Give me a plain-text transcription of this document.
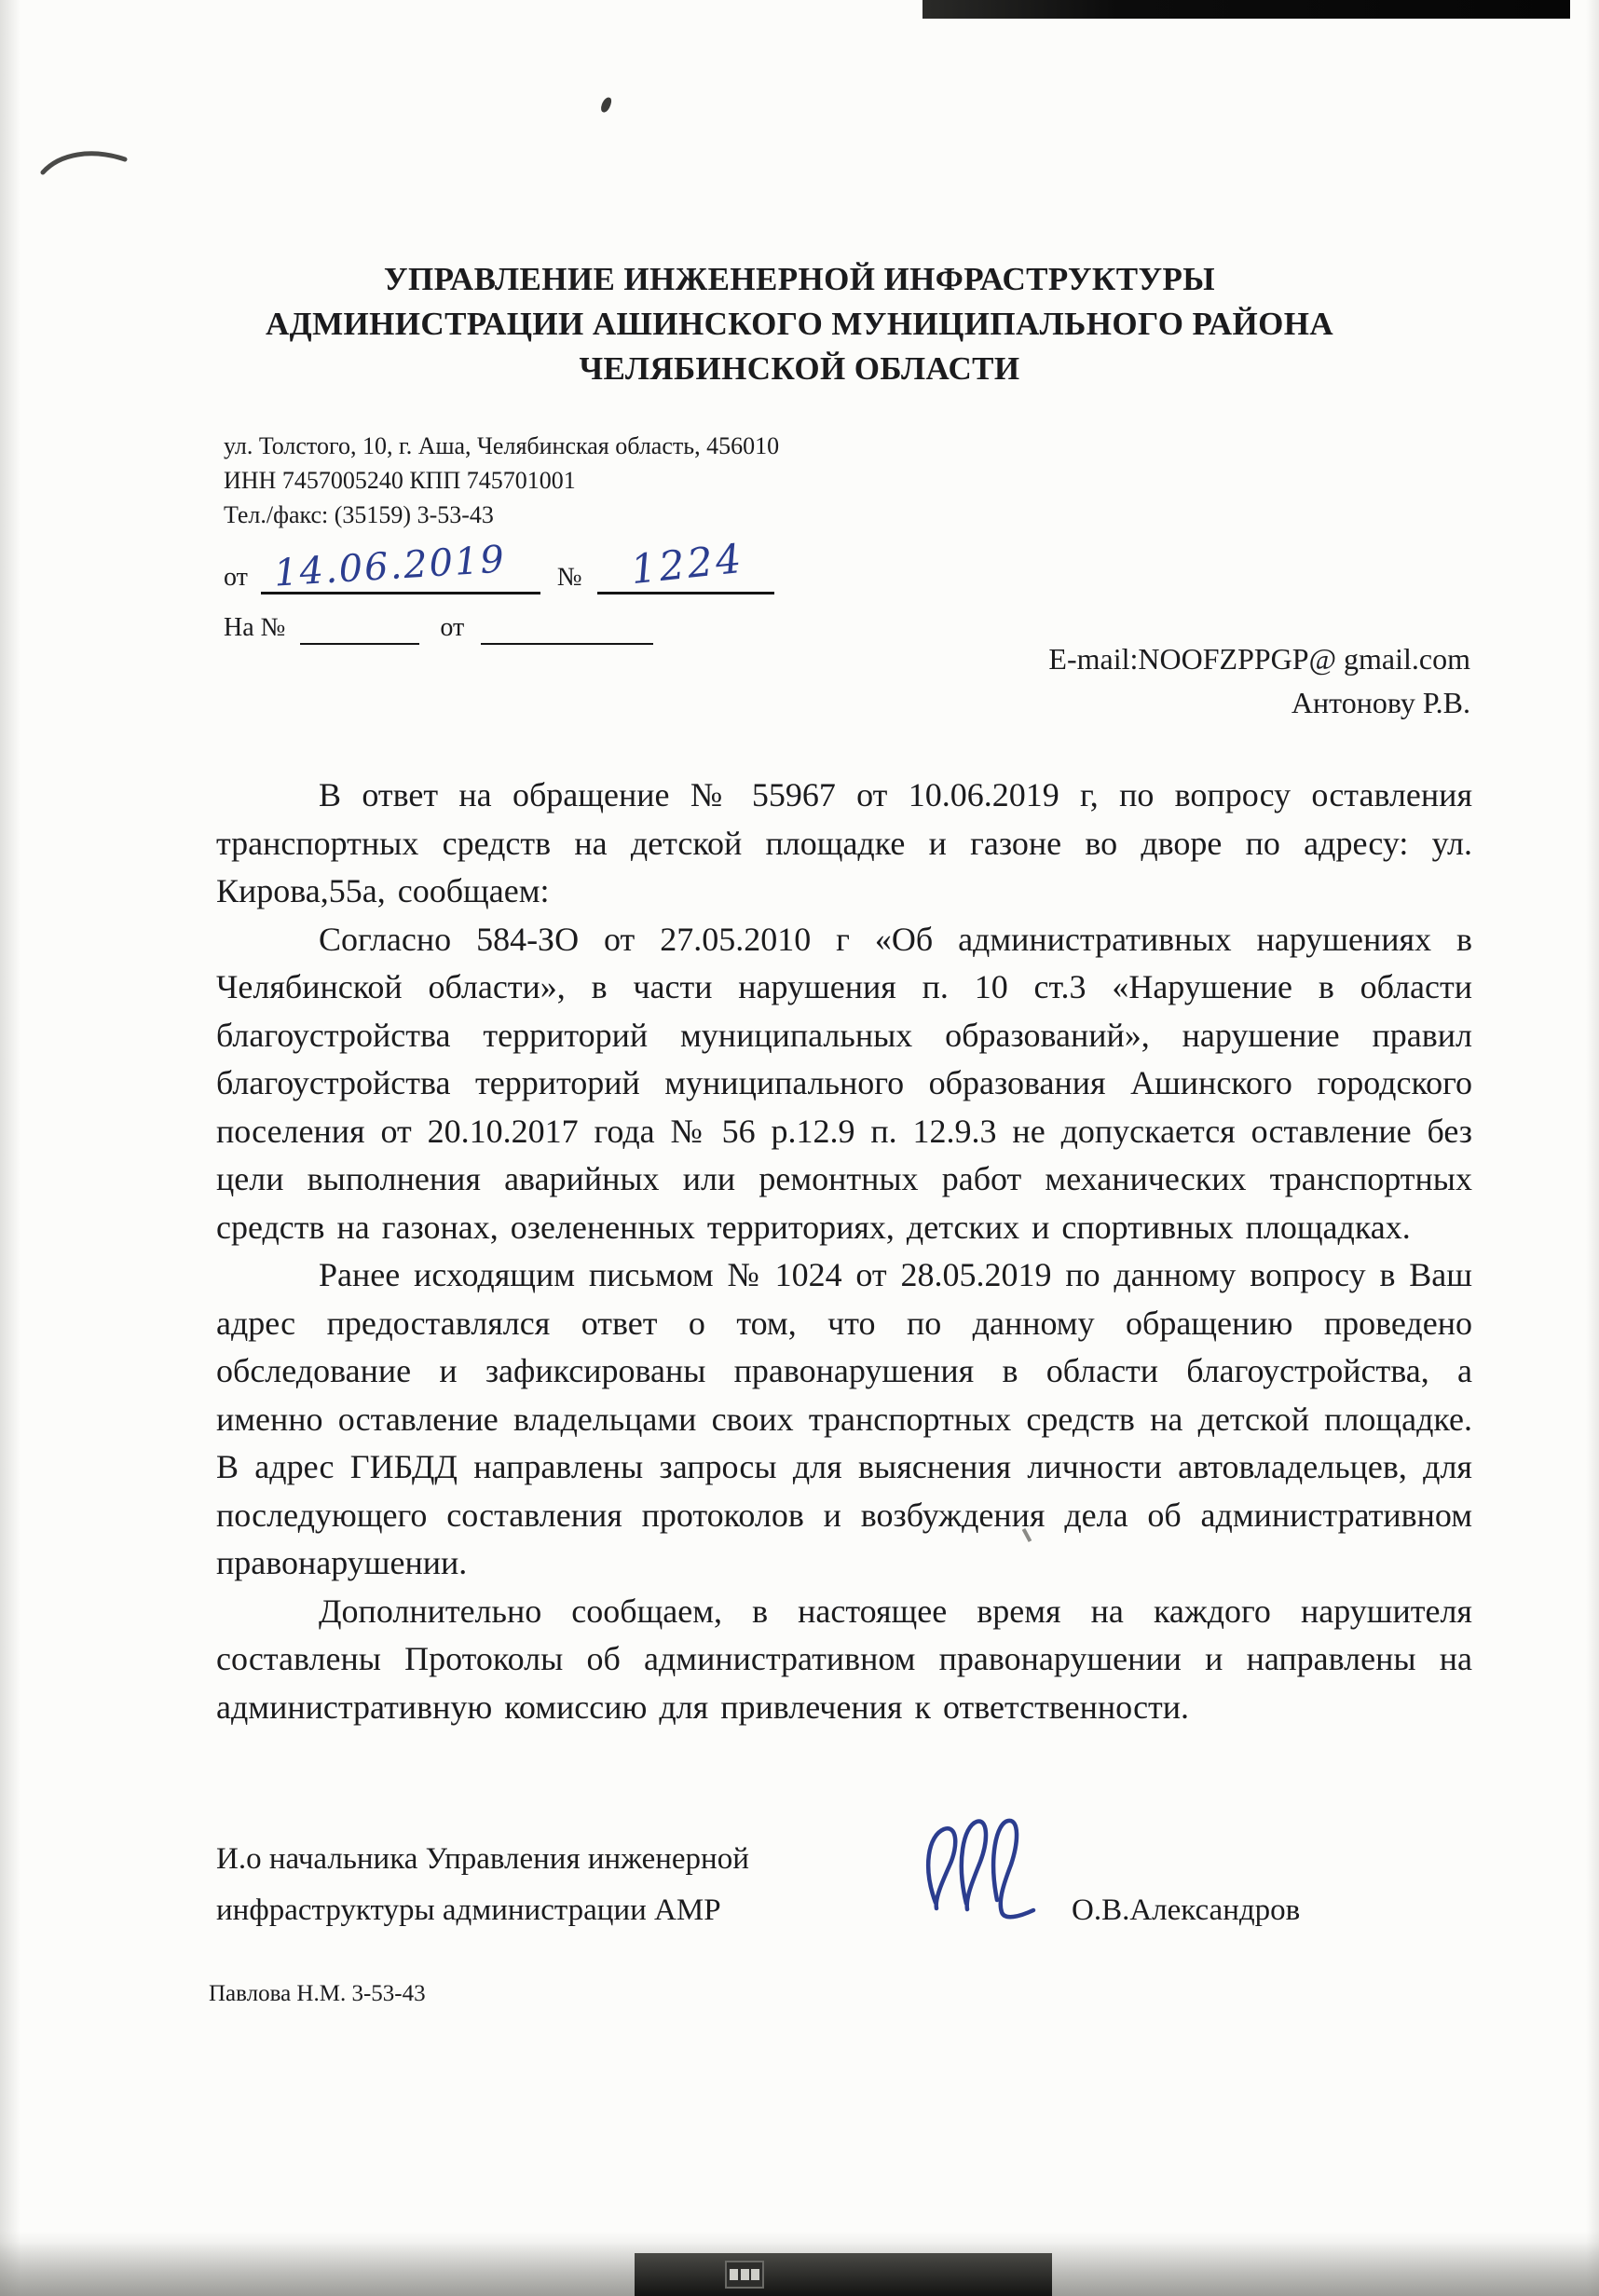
УПРАВЛЕНИЕ ИНЖЕНЕРНОЙ ИНФРАСТРУКТУРЫ
АДМИНИСТРАЦИИ АШИНСКОГО МУНИЦИПАЛЬНОГО РАЙОНА
ЧЕЛЯБИНСКОЙ ОБЛАСТИ
ул. Толстого, 10, г. Аша, Челябинская область, 456010
ИНН 7457005240 КПП 745701001
Тел./факс: (35159) 3-53-43
от 14.06.2019 № 1224
На №	от
E-mail:NOOFZPPGP@ gmail.com
Антонову Р.В.

В ответ на обращение № 55967 от 10.06.2019 г, по вопросу оставления транспортных средств на детской площадке и газоне во дворе по адресу: ул. Кирова,55а, сообщаем:

Согласно 584-ЗО от 27.05.2010 г «Об административных нарушениях в Челябинской области», в части нарушения п. 10 ст.3 «Нарушение в области благоустройства территорий муниципальных образований», нарушение правил благоустройства территорий муниципального образования Ашинского городского поселения от 20.10.2017 года № 56 р.12.9 п. 12.9.3 не допускается оставление без цели выполнения аварийных или ремонтных работ механических транспортных средств на газонах, озелененных территориях, детских и спортивных площадках.

Ранее исходящим письмом № 1024 от 28.05.2019 по данному вопросу в Ваш адрес предоставлялся ответ о том, что по данному обращению проведено обследование и зафиксированы правонарушения в области благоустройства, а именно оставление владельцами своих транспортных средств на детской площадке. В адрес ГИБДД направлены запросы для выяснения личности автовладельцев, для последующего составления протоколов и возбуждения дела об административном правонарушении.

Дополнительно сообщаем, в настоящее время на каждого нарушителя составлены Протоколы об административном правонарушении и направлены на административную комиссию для привлечения к ответственности.

И.о начальника Управления инженерной
инфраструктуры администрации АМР	О.В.Александров
Павлова Н.М. 3-53-43
